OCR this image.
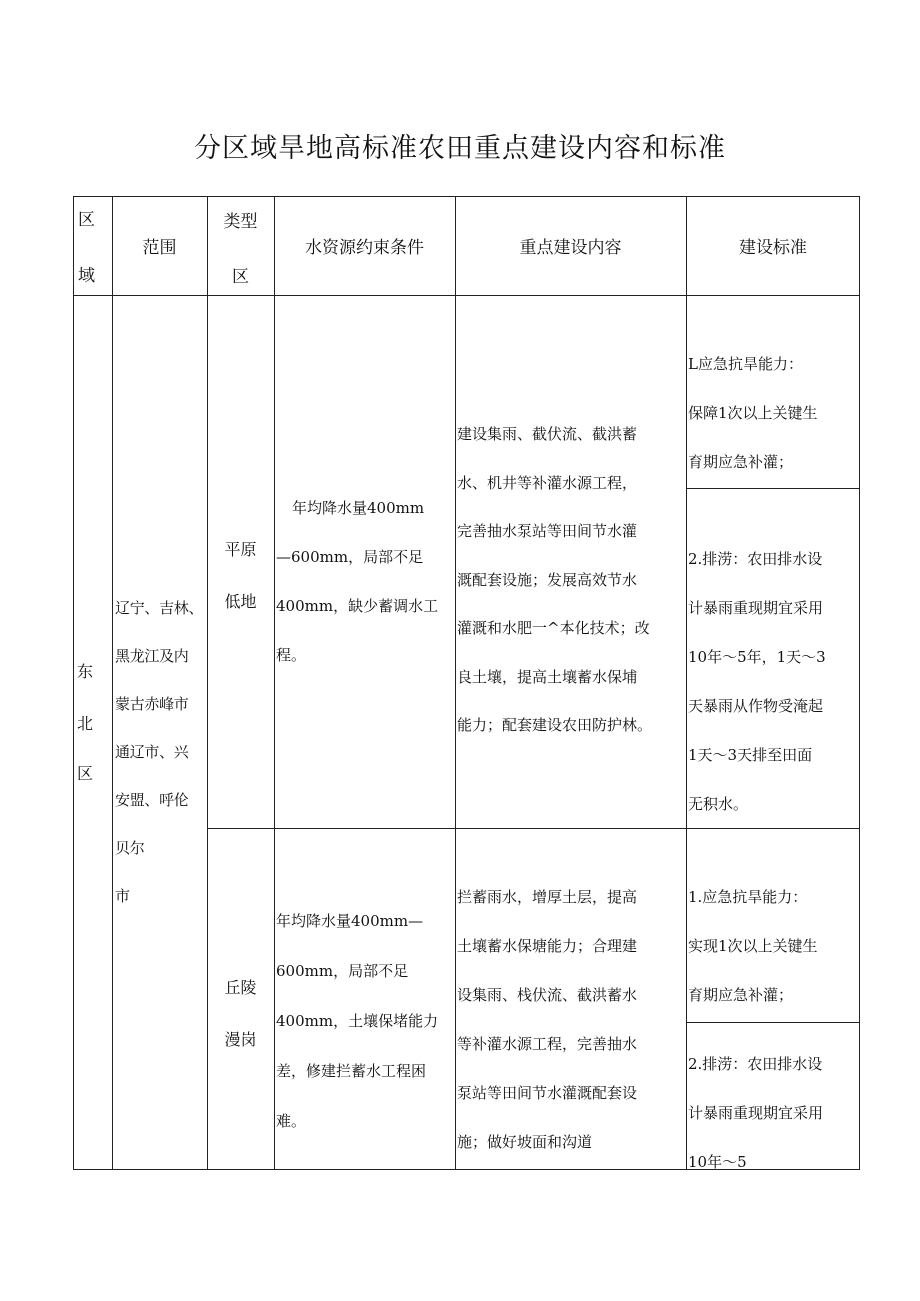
分区域旱地高标准农田重点建设内容和标准
区
域
范围
类型
区
水资源约束条件	重点建设内容	建设标准
东
北
区
辽宁、吉林、
黑龙江及内
蒙古赤峰市
通辽市、兴
安盟、呼伦
贝尔
市
平原
低地
年均降水量400mm
—600mm，局部不足
400mm，缺少蓄调水工
程。
建设集雨、截伏流、截洪蓄
水、机井等补灌水源工程，
完善抽水泵站等田间节水灌
溉配套设施；发展高效节水
灌溉和水肥一^本化技术；改
良土壤，提高土壤蓄水保埔
能力；配套建设农田防护林。
L应急抗旱能力：
保障1次以上关键生
育期应急补灌；
2.排涝：农田排水设
计暴雨重现期宜采用
10年～5年，1天～3
天暴雨从作物受淹起
1天～3天排至田面
无积水。
丘陵
漫岗
年均降水量400mm—
600mm，局部不足
400mm，土壤保堵能力
差，修建拦蓄水工程困
难。
拦蓄雨水，增厚土层，提高
土壤蓄水保塘能力；合理建
设集雨、栈伏流、截洪蓄水
等补灌水源工程，完善抽水
泵站等田间节水灌溉配套设
施；做好坡面和沟道
1.应急抗旱能力：
实现1次以上关键生
育期应急补灌；
2.排涝：农田排水设
计暴雨重现期宜采用
10年～5
